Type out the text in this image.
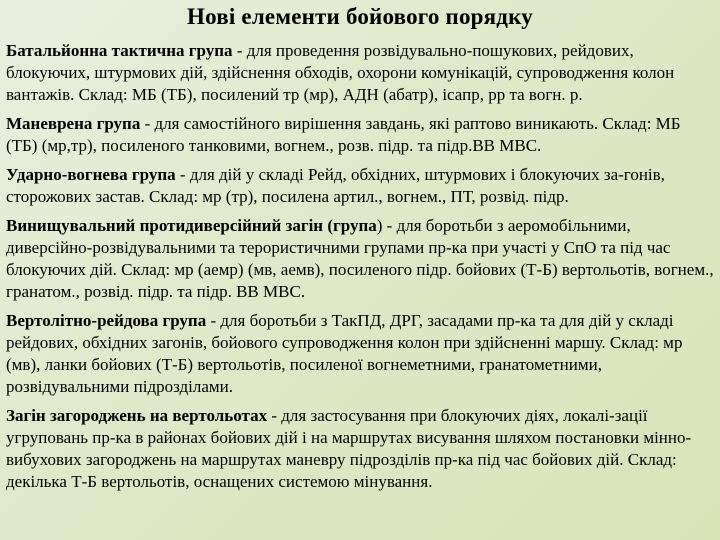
Нові елементи бойового порядку

Батальйонна тактична група - для проведення розвідувально-пошукових, рейдових, блокуючих, штурмових дій, здійснення обходів, охорони комунікацій, супроводження колон вантажів. Склад: МБ (ТБ), посилений тр (мр), АДН (абатр), ісапр, рр та вогн. р.

Маневрена група - для самостійного вирішення завдань, які раптово виникають. Склад: МБ (ТБ) (мр,тр), посиленого танковими, вогнем., розв. підр. та підр.ВВ МВС.

Ударно-вогнева група - для дій у складі Рейд, обхідних, штурмових і блокуючих за-гонів, сторожових застав. Склад: мр (тр), посилена артил., вогнем., ПТ, розвід. підр.

Винищувальний протидиверсійний загін (група) - для боротьби з аеромобільними, диверсійно-розвідувальними та терористичними групами пр-ка при участі у СпО та під час блокуючих дій. Склад: мр (аемр) (мв, аемв), посиленого підр. бойових (Т-Б) вертольотів, вогнем., гранатом., розвід. підр. та підр. ВВ МВС.

Вертолітно-рейдова група - для боротьби з ТакПД, ДРГ, засадами пр-ка та для дій у складі рейдових, обхідних загонів, бойового супроводження колон при здійсненні маршу. Склад: мр (мв), ланки бойових (Т-Б) вертольотів, посиленої вогнеметними, гранатометними, розвідувальними підрозділами.

Загін загороджень на вертольотах - для застосування при блокуючих діях, локалі-зації угруповань пр-ка в районах бойових дій і на маршрутах висування шляхом постановки мінно-вибухових загороджень на маршрутах маневру підрозділів пр-ка під час бойових дій. Склад: декілька Т-Б вертольотів, оснащених системою мінування.
